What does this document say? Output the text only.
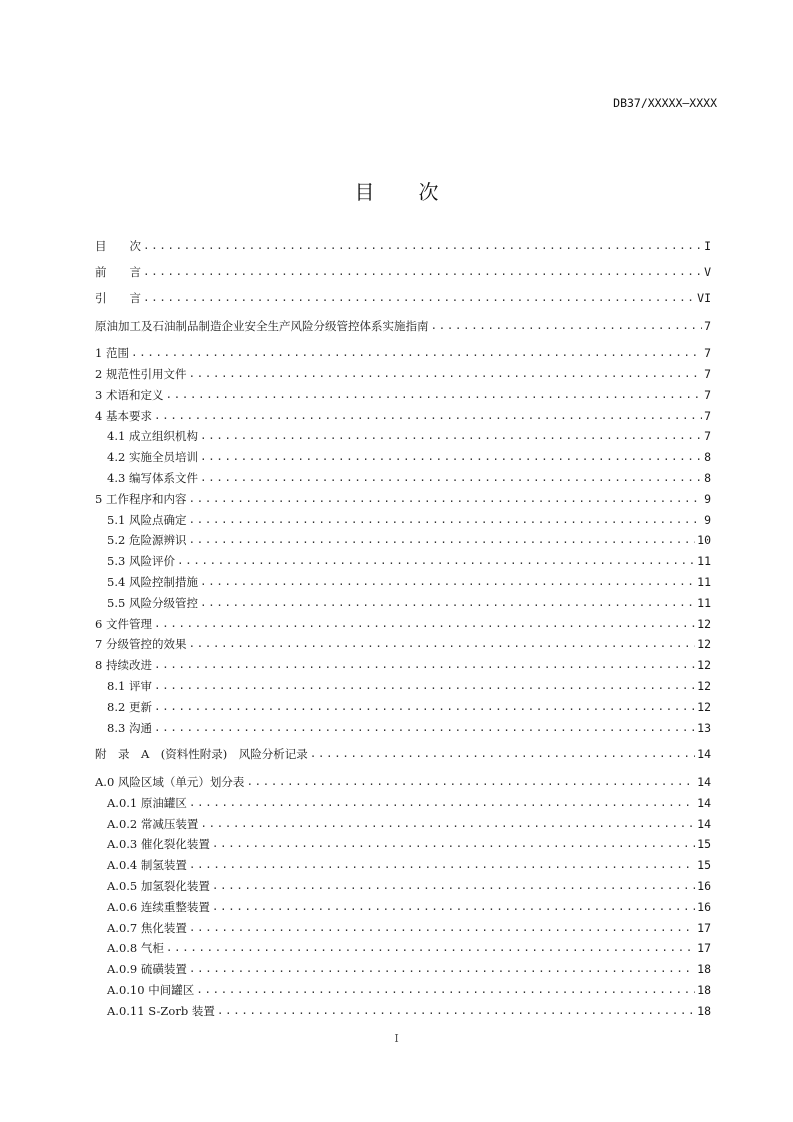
DB37/XXXXX—XXXX
目 次
目　　次 .....	I
前　　言 .....	V
引　　言 .....	VI
原油加工及石油制品制造企业安全生产风险分级管控体系实施指南 .....	7
1 范围 .....	7
2 规范性引用文件 .....	7
3 术语和定义 .....	7
4 基本要求 .....	7
4.1 成立组织机构 .....	7
4.2 实施全员培训 .....	8
4.3 编写体系文件 .....	8
5 工作程序和内容 .....	9
5.1 风险点确定 .....	9
5.2 危险源辨识 .....	10
5.3 风险评价 .....	11
5.4 风险控制措施 .....	11
5.5 风险分级管控 .....	11
6 文件管理 .....	12
7 分级管控的效果 .....	12
8 持续改进 .....	12
8.1 评审 .....	12
8.2 更新 .....	12
8.3 沟通 .....	13
附　录　A　(资料性附录)　风险分析记录 .....	14
A.0 风险区域（单元）划分表 .....	14
A.0.1 原油罐区 .....	14
A.0.2 常减压装置 .....	14
A.0.3 催化裂化装置 .....	15
A.0.4 制氢装置 .....	15
A.0.5 加氢裂化装置 .....	16
A.0.6 连续重整装置 .....	16
A.0.7 焦化装置 .....	17
A.0.8 气柜 .....	17
A.0.9 硫磺装置 .....	18
A.0.10 中间罐区 .....	18
A.0.11 S-Zorb 装置 .....	18
I
